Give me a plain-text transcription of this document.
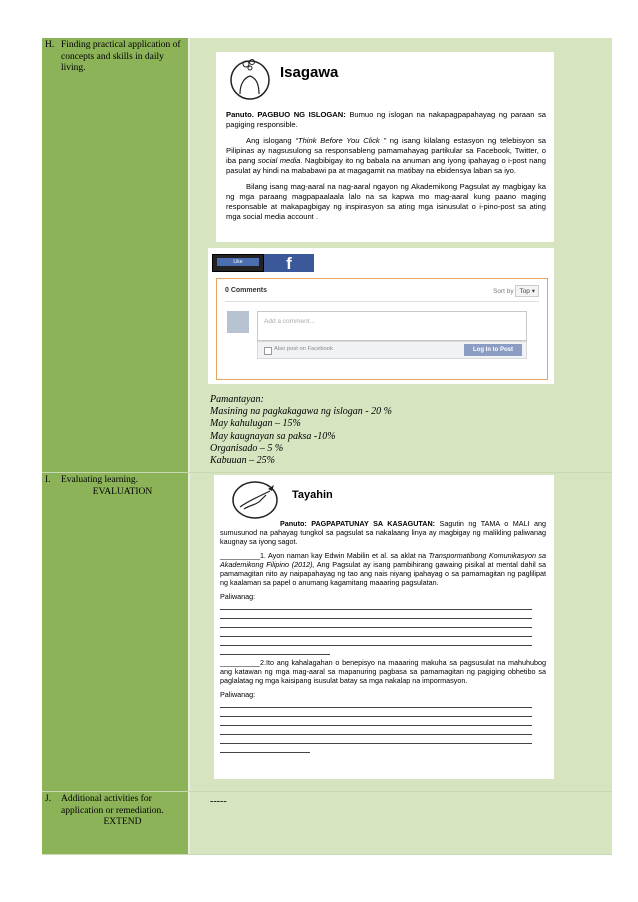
H. Finding practical application of concepts and skills in daily living.	Isagawa

Panuto. PAGBUO NG ISLOGAN: Bumuo ng islogan na nakapagpapahayag ng paraan sa pagiging responsible.

Ang islogang “Think Before You Click ” ng isang kilalang estasyon ng telebisyon sa Pilipinas ay nagsusulong sa responsableng pamamahayag partikular sa Facebook, Twitter, o iba pang social media. Nagbibigay ito ng babala na anuman ang iyong ipahayag o i-post nang pasulat ay hindi na mababawi pa at magagamit na matibay na ebidensya laban sa iyo.

Bilang isang mag-aaral na nag-aaral ngayon ng Akademikong Pagsulat ay magbigay ka ng mga paraang magpapaalaala lalo na sa kapwa mo mag-aaral kung paano maging responsable at makapagbigay ng inspirasyon sa ating mga isinusulat o i-pino-post sa ating mga social media account .

Like	f
0 Comments	Sort by Top ▾
Add a comment...
Also post on Facebook	Log In to Post
Pamantayan:
Masining na pagkakagawa ng islogan - 20 %
May kahulugan – 15%
May kaugnayan sa paksa -10%
Organisado – 5 %
Kabuuan – 25%
I.	Evaluating learning.
EVALUATION	Tayahin

Panuto: PAGPAPATUNAY SA KASAGUTAN: Sagutin ng TAMA o MALI ang sumusunod na pahayag tungkol sa pagsulat sa nakalaang linya ay magbigay ng malikling paliwanag kaugnay sa iyong sagot.

__________1. Ayon naman kay Edwin Mabilin et al. sa aklat na Transpormatibong Komunikasyon sa Akademikong Filipino (2012), Ang Pagsulat ay isang pambihirang gawaing pisikal at mental dahil sa pamamagitan nito ay naipapahayag ng tao ang nais niyang ipahayag o sa pamamagitan ng paglilipat ng kaalaman sa papel o anumang kagamitang maaaring pagsulatan.

Paliwanag:

__________2.Ito ang kahalagahan o benepisyo na maaaring makuha sa pagsusulat na mahuhubog ang katawan ng mga mag-aaral sa mapanuring pagbasa sa pamamagitan ng pagiging obhetibo sa paglalatag ng mga kaisipang isusulat batay sa mga nakalap na impormasyon.

Paliwanag:
J.	Additional activities for application or remediation.
EXTEND
-----
